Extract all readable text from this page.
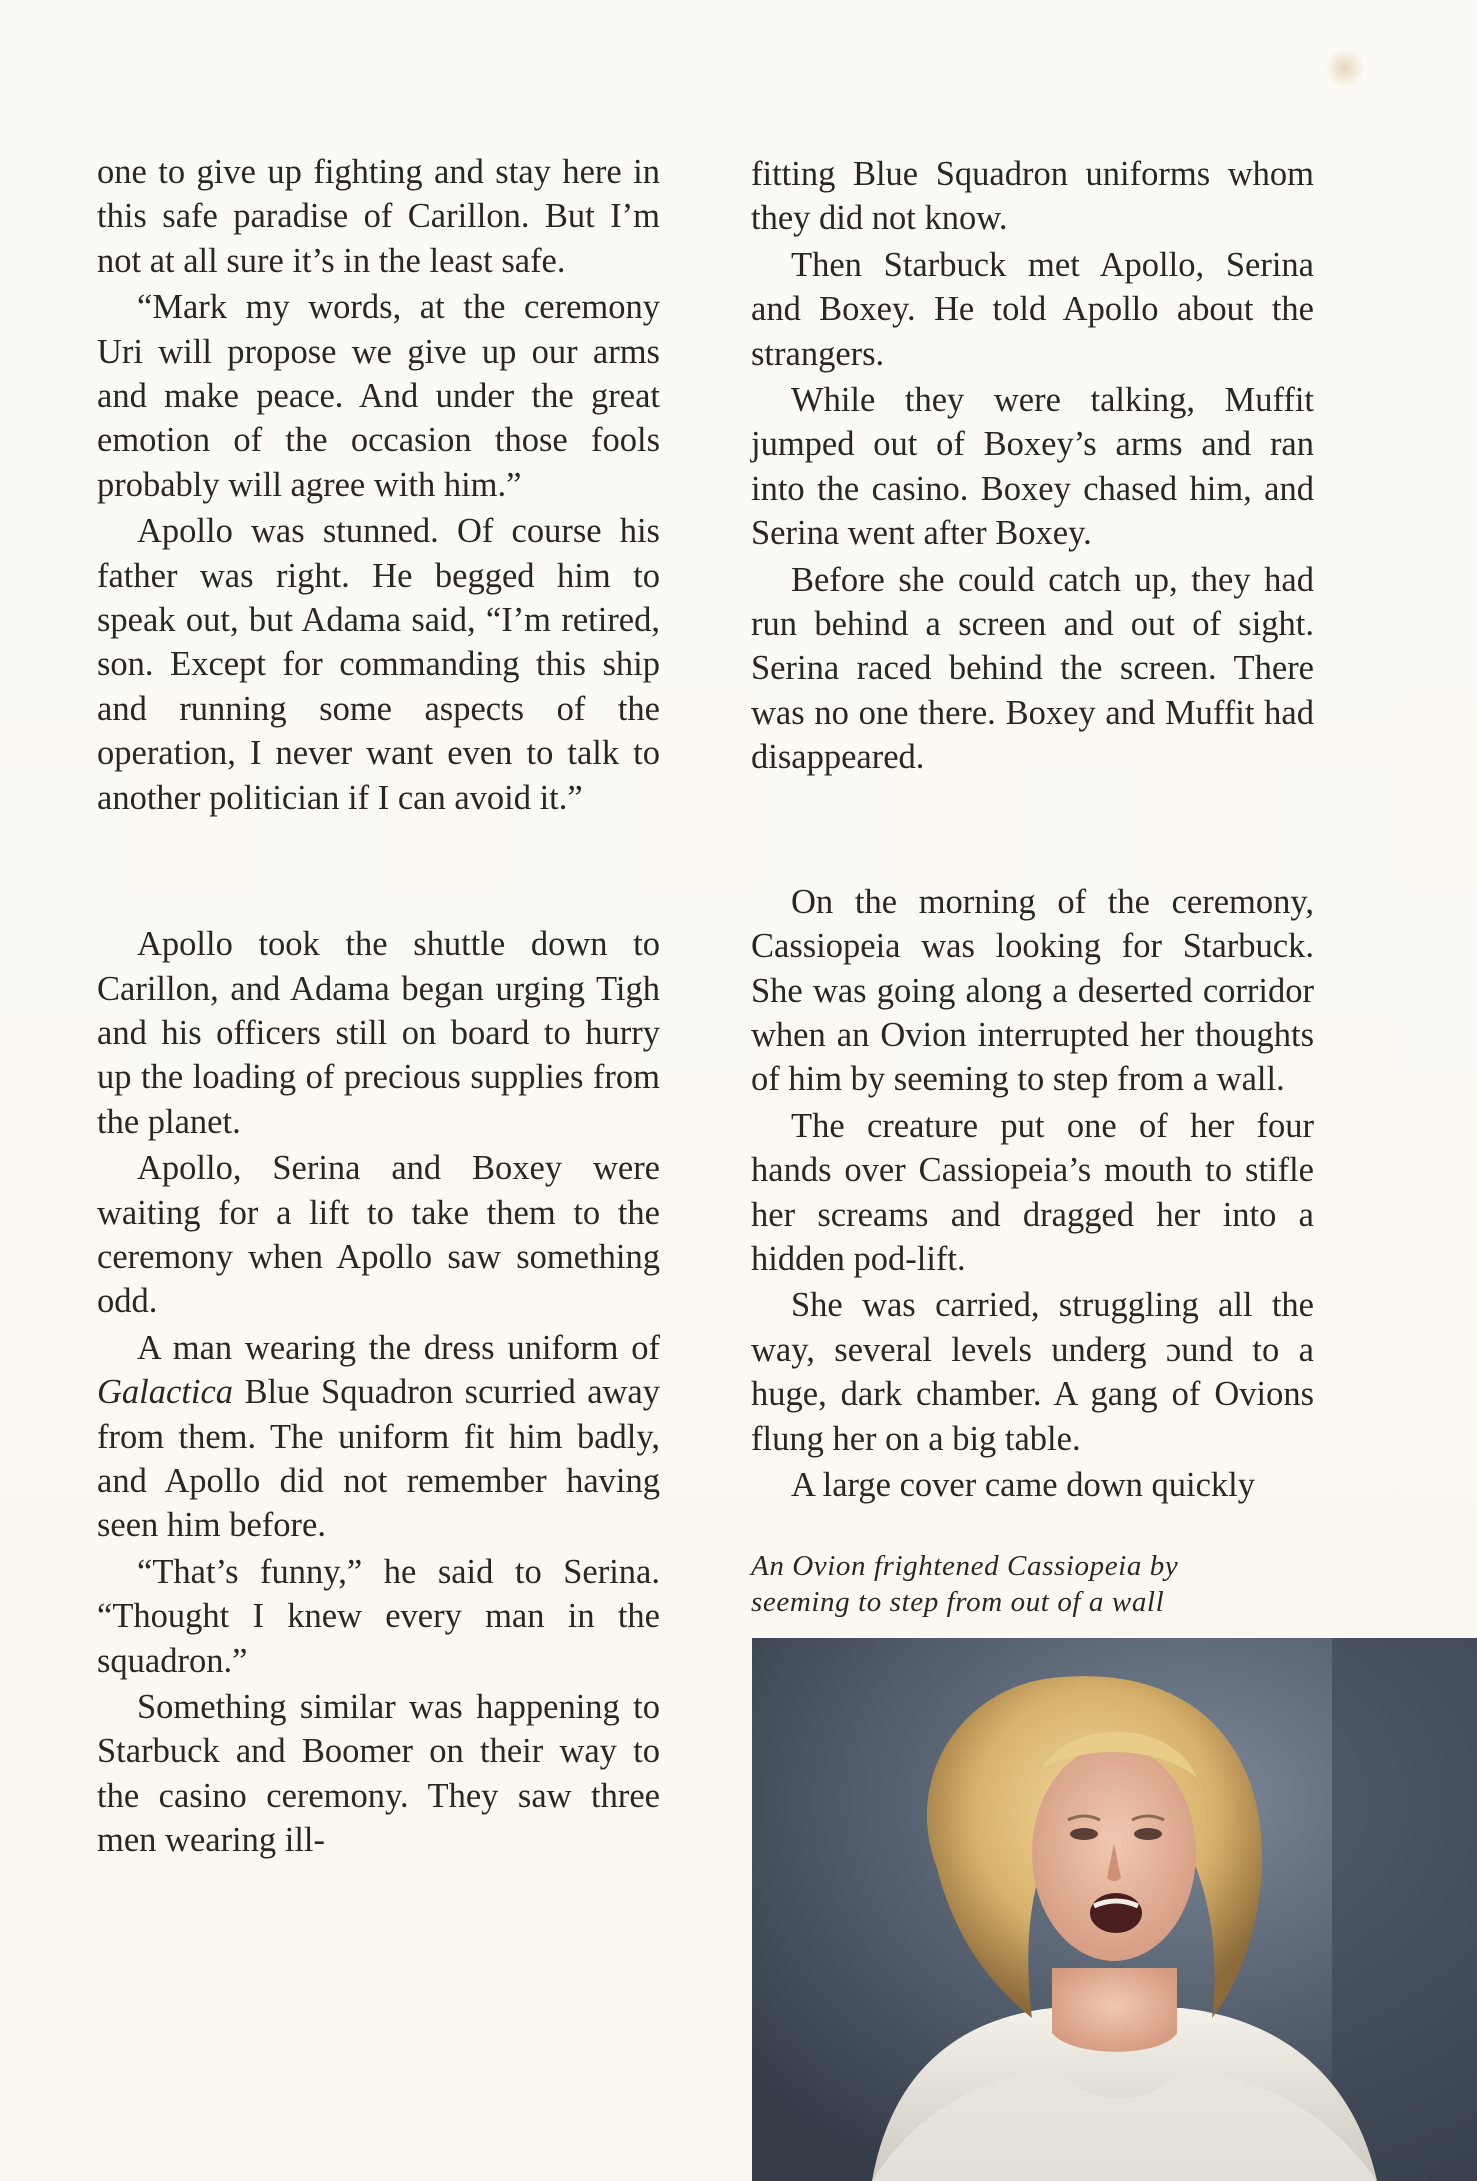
one to give up fighting and stay here in this safe paradise of Carillon. But I’m not at all sure it’s in the least safe.

“Mark my words, at the ceremony Uri will propose we give up our arms and make peace. And under the great emotion of the occasion those fools probably will agree with him.”

Apollo was stunned. Of course his father was right. He begged him to speak out, but Adama said, “I’m retired, son. Except for commanding this ship and running some aspects of the operation, I never want even to talk to another politician if I can avoid it.”

Apollo took the shuttle down to Carillon, and Adama began urging Tigh and his officers still on board to hurry up the loading of precious supplies from the planet.

Apollo, Serina and Boxey were waiting for a lift to take them to the ceremony when Apollo saw something odd.

A man wearing the dress uniform of Galactica Blue Squadron scurried away from them. The uniform fit him badly, and Apollo did not remember having seen him before.

“That’s funny,” he said to Serina. “Thought I knew every man in the squadron.”

Something similar was happening to Starbuck and Boomer on their way to the casino ceremony. They saw three men wearing ill-

fitting Blue Squadron uniforms whom they did not know.

Then Starbuck met Apollo, Serina and Boxey. He told Apollo about the strangers.

While they were talking, Muffit jumped out of Boxey’s arms and ran into the casino. Boxey chased him, and Serina went after Boxey.

Before she could catch up, they had run behind a screen and out of sight. Serina raced behind the screen. There was no one there. Boxey and Muffit had disappeared.

On the morning of the ceremony, Cassiopeia was looking for Starbuck. She was going along a deserted corridor when an Ovion interrupted her thoughts of him by seeming to step from a wall.

The creature put one of her four hands over Cassiopeia’s mouth to stifle her screams and dragged her into a hidden pod-lift.

She was carried, struggling all the way, several levels underg ɔund to a huge, dark chamber. A gang of Ovions flung her on a big table.

A large cover came down quickly

An Ovion frightened Cassiopeia by
seeming to step from out of a wall
